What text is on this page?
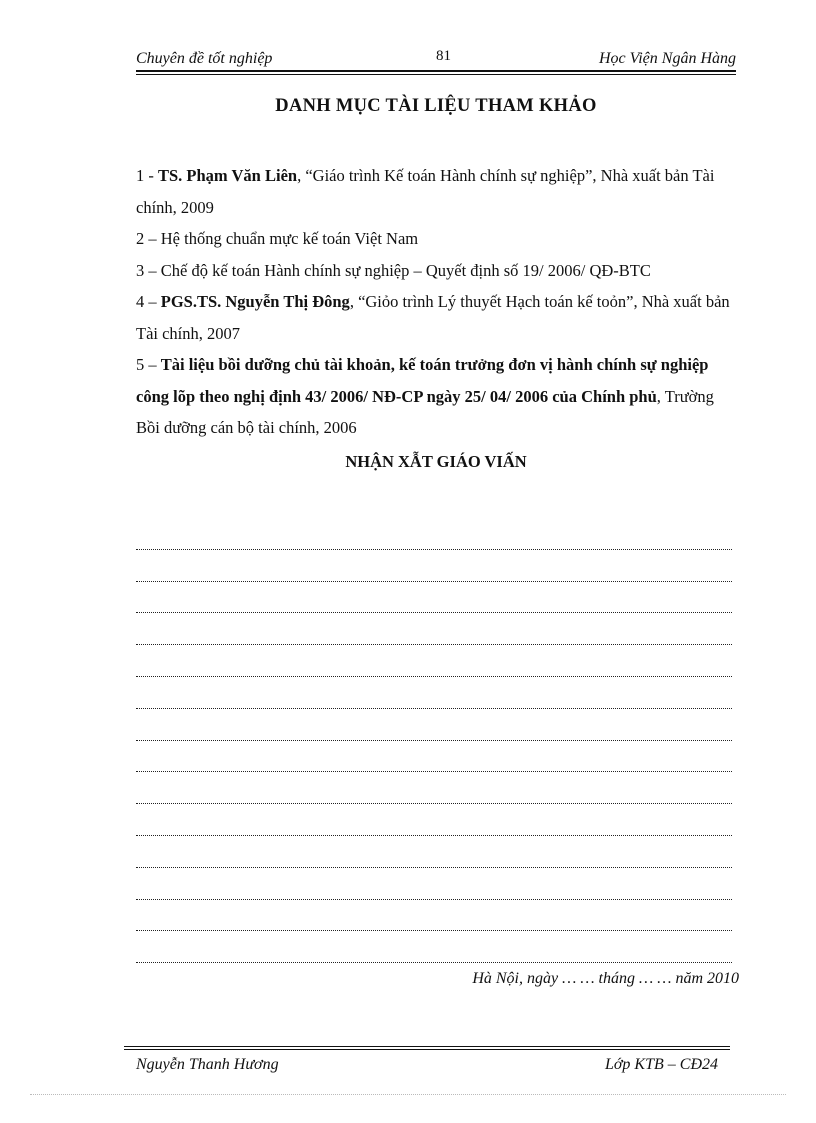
Chuyên đề tốt nghiệp	81	Học Viện Ngân Hàng
DANH MỤC TÀI LIỆU THAM KHẢO
1 - TS. Phạm Văn Liên, “Giáo trình Kế toán Hành chính sự nghiệp”, Nhà xuất bản Tài chính, 2009
2 – Hệ thống chuẩn mực kế toán Việt Nam
3 – Chế độ kế toán Hành chính sự nghiệp – Quyết định số 19/ 2006/ QĐ-BTC
4 – PGS.TS. Nguyễn Thị Đông, “Giỏo trình Lý thuyết Hạch toán kế toỏn”, Nhà xuất bản Tài chính, 2007
5 – Tài liệu bồi dưỡng chủ tài khoản, kế toán trưởng đơn vị hành chính sự nghiệp công lõp theo nghị định 43/ 2006/ NĐ-CP ngày 25/ 04/ 2006 của Chính phủ, Trường Bồi dưỡng cán bộ tài chính, 2006
NHẬN XẪT GIÁO VIẤN
Hà Nội, ngày … … tháng … … năm 2010
Nguyễn Thanh Hương	Lớp KTB – CĐ24
